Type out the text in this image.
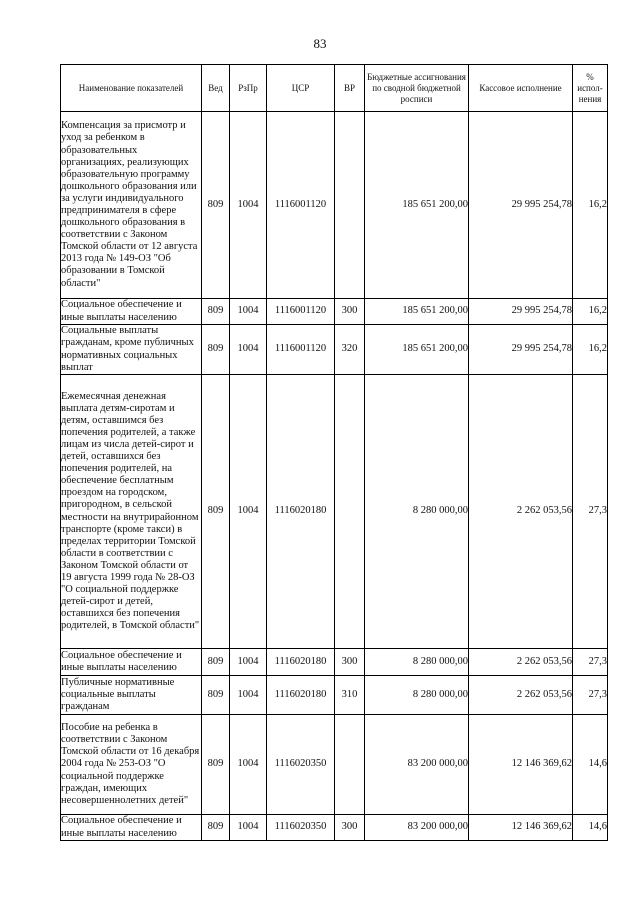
83
Наименование показателей	Вед	РзПр	ЦСР	ВР	Бюджетные ассигнования по сводной бюджетной росписи	Кассовое исполнение	% испол-нения
Компенсация за присмотр и уход за ребенком в образовательных организациях, реализующих образовательную программу дошкольного образования или за услуги индивидуального предпринимателя в сфере дошкольного образования в соответствии с Законом Томской области от 12 августа 2013 года № 149-ОЗ "Об образовании в Томской области"	809	1004	1116001120		185 651 200,00	29 995 254,78	16,2
Социальное обеспечение и иные выплаты населению	809	1004	1116001120	300	185 651 200,00	29 995 254,78	16,2
Социальные выплаты гражданам, кроме публичных нормативных социальных выплат	809	1004	1116001120	320	185 651 200,00	29 995 254,78	16,2
Ежемесячная денежная выплата детям-сиротам и детям, оставшимся без попечения родителей, а также лицам из числа детей-сирот и детей, оставшихся без попечения родителей, на обеспечение бесплатным проездом на городском, пригородном, в сельской местности на внутрирайонном транспорте (кроме такси) в пределах территории Томской области в соответствии с Законом Томской области от 19 августа 1999 года № 28-ОЗ "О социальной поддержке детей-сирот и детей, оставшихся без попечения родителей, в Томской области"	809	1004	1116020180		8 280 000,00	2 262 053,56	27,3
Социальное обеспечение и иные выплаты населению	809	1004	1116020180	300	8 280 000,00	2 262 053,56	27,3
Публичные нормативные социальные выплаты гражданам	809	1004	1116020180	310	8 280 000,00	2 262 053,56	27,3
Пособие на ребенка в соответствии с Законом Томской области от 16 декабря 2004 года № 253-ОЗ "О социальной поддержке граждан, имеющих несовершеннолетних детей"	809	1004	1116020350		83 200 000,00	12 146 369,62	14,6
Социальное обеспечение и иные выплаты населению	809	1004	1116020350	300	83 200 000,00	12 146 369,62	14,6
